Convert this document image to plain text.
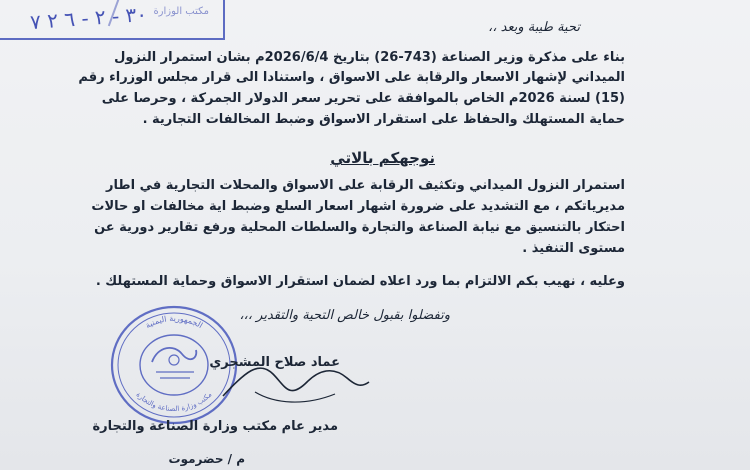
مكتب الوزارة
٣٠ - ٢ - ٦ ٢ ٧
تحية طيبة وبعد ،،
بناء على مذكرة وزير الصناعة (743-26) بتاريخ 2026/6/4م بشان استمرار النزول
الميداني لإشهار الاسعار والرقابة على الاسواق ، واستنادا الى قرار مجلس الوزراء رقم
(15) لسنة 2026م الخاص بالموافقة على تحرير سعر الدولار الجمركة ، وحرصا على
حماية المستهلك والحفاظ على استقرار الاسواق وضبط المخالفات التجارية .
نوجهكم بالاتي
استمرار النزول الميداني وتكثيف الرقابة على الاسواق والمحلات التجارية في اطار
مديرياتكم ، مع التشديد على ضرورة اشهار اسعار السلع وضبط اية مخالفات او حالات
احتكار بالتنسيق مع نيابة الصناعة والتجارة والسلطات المحلية ورفع تقارير دورية عن
مستوى التنفيذ .
وعليه ، نهيب بكم الالتزام بما ورد اعلاه لضمان استقرار الاسواق وحماية المستهلك .
وتفضلوا بقبول خالص التحية والتقدير ،،،
الجمهورية اليمنية
مكتب وزارة الصناعة والتجارة
عماد صلاح المشجري
مدير عام مكتب وزارة الصناعة والتجارة
م / حضرموت
